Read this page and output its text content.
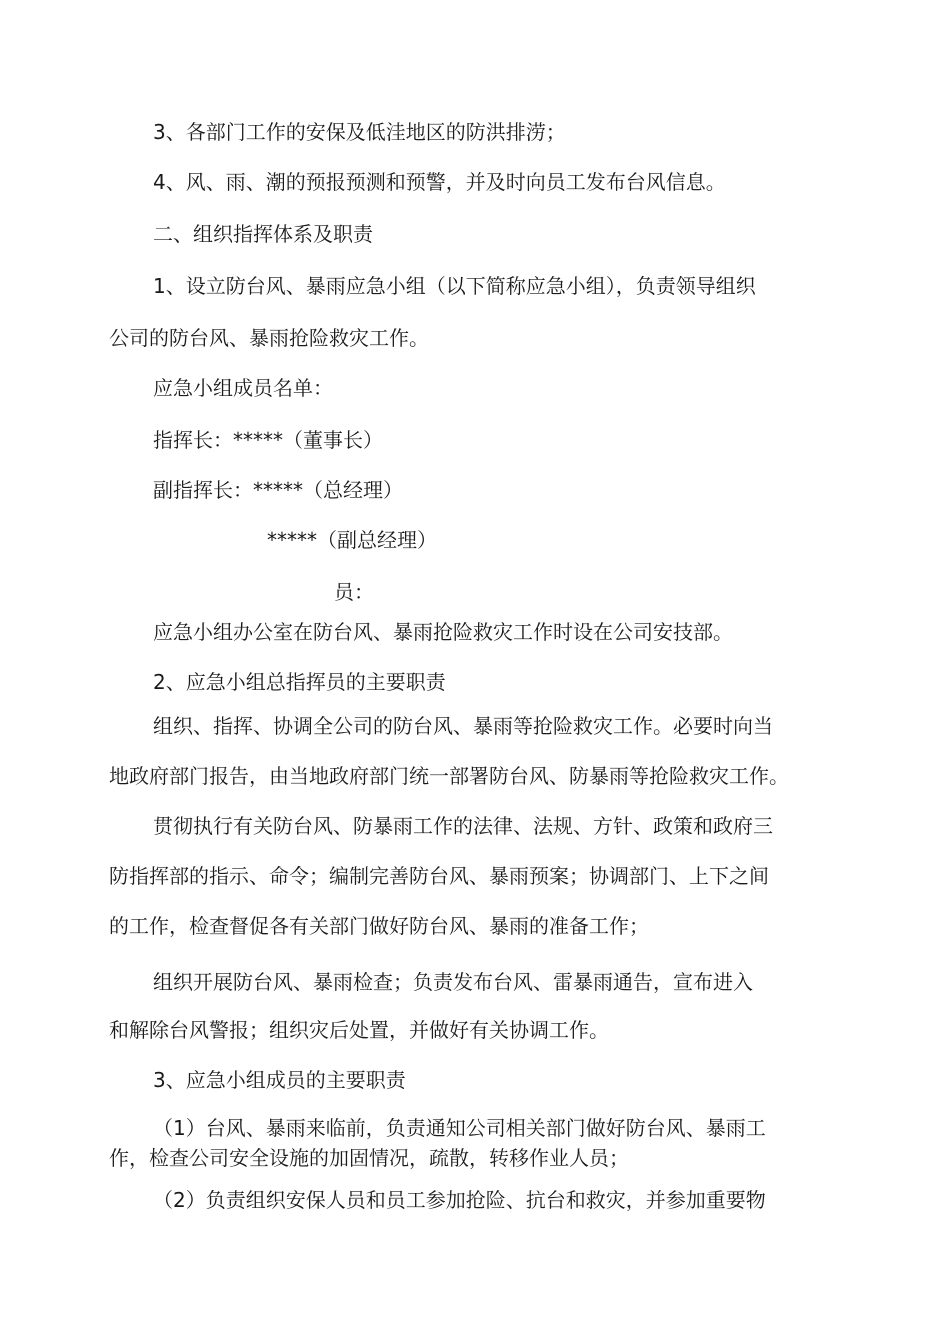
3、各部门工作的安保及低洼地区的防洪排涝；

4、风、雨、潮的预报预测和预警，并及时向员工发布台风信息。

二、组织指挥体系及职责

1、设立防台风、暴雨应急小组（以下简称应急小组），负责领导组织

公司的防台风、暴雨抢险救灾工作。

应急小组成员名单：

指挥长：*****（董事长）

副指挥长：*****（总经理）

*****（副总经理）

员：

应急小组办公室在防台风、暴雨抢险救灾工作时设在公司安技部。

2、应急小组总指挥员的主要职责

组织、指挥、协调全公司的防台风、暴雨等抢险救灾工作。必要时向当

地政府部门报告，由当地政府部门统一部署防台风、防暴雨等抢险救灾工作。

贯彻执行有关防台风、防暴雨工作的法律、法规、方针、政策和政府三

防指挥部的指示、命令；编制完善防台风、暴雨预案；协调部门、上下之间

的工作，检查督促各有关部门做好防台风、暴雨的准备工作；

组织开展防台风、暴雨检查；负责发布台风、雷暴雨通告，宣布进入

和解除台风警报；组织灾后处置，并做好有关协调工作。

3、应急小组成员的主要职责

（1）台风、暴雨来临前，负责通知公司相关部门做好防台风、暴雨工

作，检查公司安全设施的加固情况，疏散，转移作业人员；

（2）负责组织安保人员和员工参加抢险、抗台和救灾，并参加重要物
